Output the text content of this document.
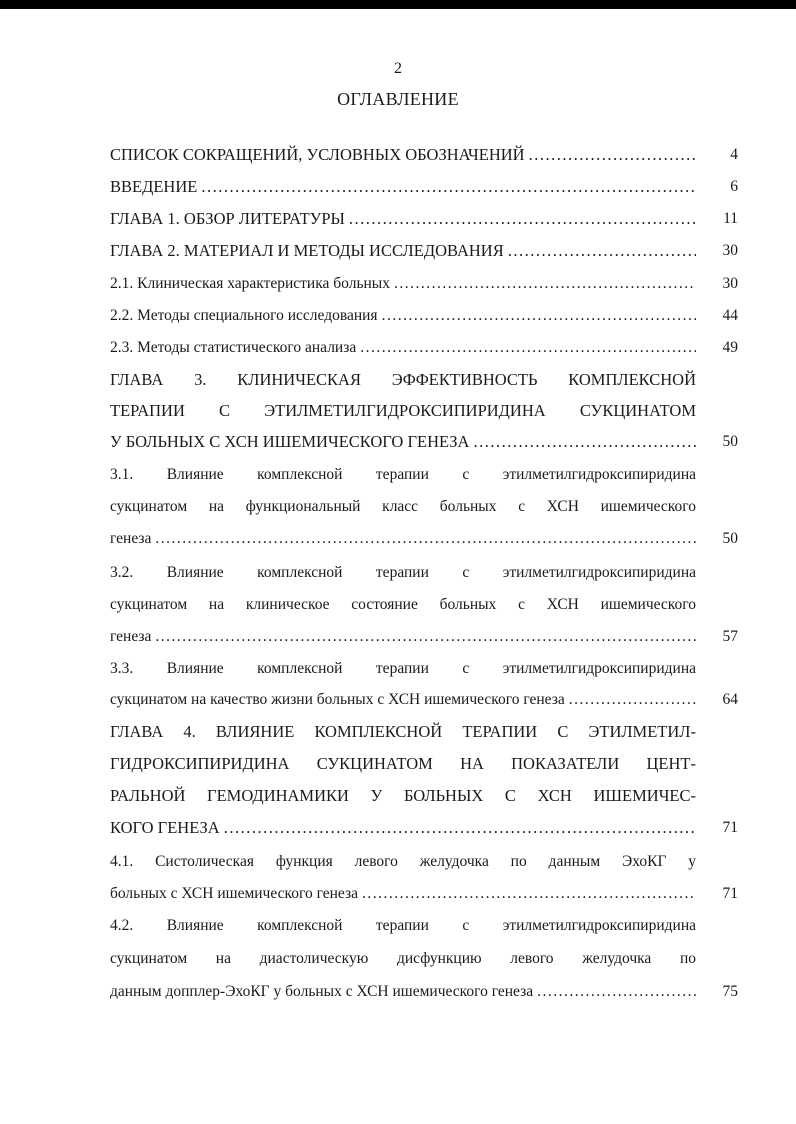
2
ОГЛАВЛЕНИЕ
СПИСОК СОКРАЩЕНИЙ, УСЛОВНЫХ ОБОЗНАЧЕНИЙ .....	4
ВВЕДЕНИЕ .....	6
ГЛАВА 1. ОБЗОР ЛИТЕРАТУРЫ .....	11
ГЛАВА 2. МАТЕРИАЛ И МЕТОДЫ ИССЛЕДОВАНИЯ .....	30
2.1. Клиническая характеристика больных .....	30
2.2. Методы специального исследования .....	44
2.3. Методы статистического анализа .....	49
ГЛАВА 3. КЛИНИЧЕСКАЯ ЭФФЕКТИВНОСТЬ КОМПЛЕКСНОЙ
ТЕРАПИИ С ЭТИЛМЕТИЛГИДРОКСИПИРИДИНА СУКЦИНАТОМ
У БОЛЬНЫХ С ХСН ИШЕМИЧЕСКОГО ГЕНЕЗА .....	50
3.1. Влияние комплексной терапии с этилметилгидроксипиридина
сукцинатом на функциональный класс больных с ХСН ишемического
генеза .....	50
3.2. Влияние комплексной терапии с этилметилгидроксипиридина
сукцинатом на клиническое состояние больных с ХСН ишемического
генеза .....	57
3.3. Влияние комплексной терапии с этилметилгидроксипиридина
сукцинатом на качество жизни больных с ХСН ишемического генеза .....	64
ГЛАВА 4. ВЛИЯНИЕ КОМПЛЕКСНОЙ ТЕРАПИИ С ЭТИЛМЕТИЛ-
ГИДРОКСИПИРИДИНА СУКЦИНАТОМ НА ПОКАЗАТЕЛИ ЦЕНТ-
РАЛЬНОЙ ГЕМОДИНАМИКИ У БОЛЬНЫХ С ХСН ИШЕМИЧЕС-
КОГО ГЕНЕЗА .....	71
4.1. Систолическая функция левого желудочка по данным ЭхоКГ у
больных с ХСН ишемического генеза .....	71
4.2. Влияние комплексной терапии с этилметилгидроксипиридина
сукцинатом на диастолическую дисфункцию левого желудочка по
данным допплер-ЭхоКГ у больных с ХСН ишемического генеза .....	75
